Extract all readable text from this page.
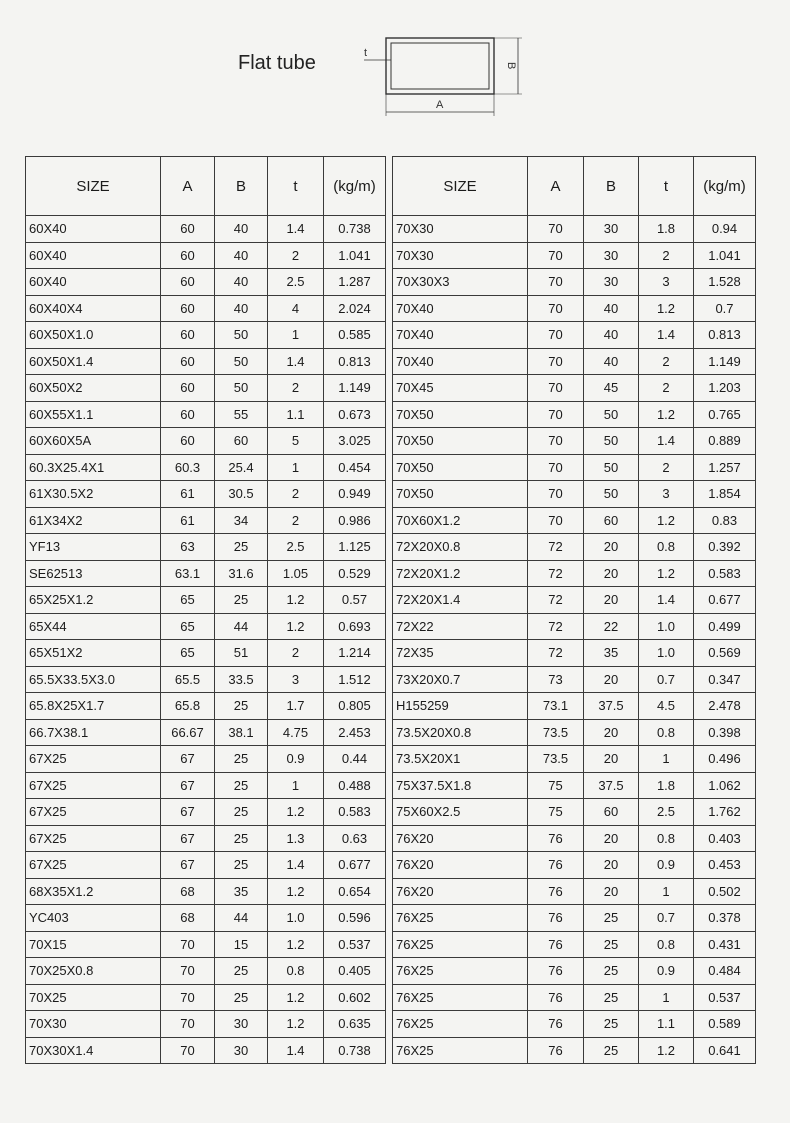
Flat tube	t
B
A
SIZE	A	B	t	(kg/m)
60X40	60	40	1.4	0.738
60X40	60	40	2	1.041
60X40	60	40	2.5	1.287
60X40X4	60	40	4	2.024
60X50X1.0	60	50	1	0.585
60X50X1.4	60	50	1.4	0.813
60X50X2	60	50	2	1.149
60X55X1.1	60	55	1.1	0.673
60X60X5A	60	60	5	3.025
60.3X25.4X1	60.3	25.4	1	0.454
61X30.5X2	61	30.5	2	0.949
61X34X2	61	34	2	0.986
YF13	63	25	2.5	1.125
SE62513	63.1	31.6	1.05	0.529
65X25X1.2	65	25	1.2	0.57
65X44	65	44	1.2	0.693
65X51X2	65	51	2	1.214
65.5X33.5X3.0	65.5	33.5	3	1.512
65.8X25X1.7	65.8	25	1.7	0.805
66.7X38.1	66.67	38.1	4.75	2.453
67X25	67	25	0.9	0.44
67X25	67	25	1	0.488
67X25	67	25	1.2	0.583
67X25	67	25	1.3	0.63
67X25	67	25	1.4	0.677
68X35X1.2	68	35	1.2	0.654
YC403	68	44	1.0	0.596
70X15	70	15	1.2	0.537
70X25X0.8	70	25	0.8	0.405
70X25	70	25	1.2	0.602
70X30	70	30	1.2	0.635
70X30X1.4	70	30	1.4	0.738
SIZE	A	B	t	(kg/m)
70X30	70	30	1.8	0.94
70X30	70	30	2	1.041
70X30X3	70	30	3	1.528
70X40	70	40	1.2	0.7
70X40	70	40	1.4	0.813
70X40	70	40	2	1.149
70X45	70	45	2	1.203
70X50	70	50	1.2	0.765
70X50	70	50	1.4	0.889
70X50	70	50	2	1.257
70X50	70	50	3	1.854
70X60X1.2	70	60	1.2	0.83
72X20X0.8	72	20	0.8	0.392
72X20X1.2	72	20	1.2	0.583
72X20X1.4	72	20	1.4	0.677
72X22	72	22	1.0	0.499
72X35	72	35	1.0	0.569
73X20X0.7	73	20	0.7	0.347
H155259	73.1	37.5	4.5	2.478
73.5X20X0.8	73.5	20	0.8	0.398
73.5X20X1	73.5	20	1	0.496
75X37.5X1.8	75	37.5	1.8	1.062
75X60X2.5	75	60	2.5	1.762
76X20	76	20	0.8	0.403
76X20	76	20	0.9	0.453
76X20	76	20	1	0.502
76X25	76	25	0.7	0.378
76X25	76	25	0.8	0.431
76X25	76	25	0.9	0.484
76X25	76	25	1	0.537
76X25	76	25	1.1	0.589
76X25	76	25	1.2	0.641
